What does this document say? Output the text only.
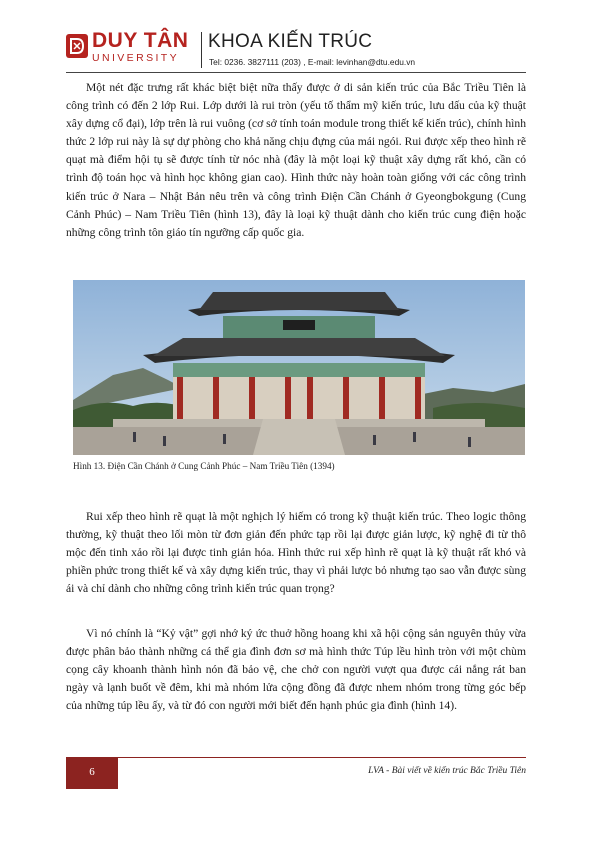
DUY TÂN
UNIVERSITY
KHOA KIẾN TRÚC
Tel: 0236. 3827111 (203) , E-mail: levinhan@dtu.edu.vn

Một nét đặc trưng rất khác biệt biệt nữa thấy được ở di sản kiến trúc của Bắc Triều Tiên là công trình có đến 2 lớp Rui. Lớp dưới là rui tròn (yếu tố thẩm mỹ kiến trúc, lưu dấu của kỹ thuật xây dựng cổ đại), lớp trên là rui vuông (cơ sở tính toán module trong thiết kế kiến trúc), chính hình thức 2 lớp rui này là sự dự phòng cho khả năng chịu đựng của mái ngói. Rui được xếp theo hình rẽ quạt mà điểm hội tụ sẽ được tính từ nóc nhà (đây là một loại kỹ thuật xây dựng rất khó, cần có trình độ toán học và hình học không gian cao). Hình thức này hoàn toàn giống với các công trình kiến trúc ở Nara – Nhật Bản nêu trên và công trình Điện Cần Chánh ở Gyeongbokgung (Cung Cảnh Phúc) – Nam Triều Tiên (hình 13), đây là loại kỹ thuật dành cho kiến trúc cung điện hoặc những công trình tôn giáo tín ngưỡng cấp quốc gia.

Hình 13. Điện Cần Chánh ở Cung Cảnh Phúc – Nam Triều Tiên (1394)

Rui xếp theo hình rẽ quạt là một nghịch lý hiếm có trong kỹ thuật kiến trúc. Theo logic thông thường, kỹ thuật theo lối mòn từ đơn giản đến phức tạp rồi lại được giản lược, kỹ nghệ đi từ thô mộc đến tinh xảo rồi lại được tinh giản hóa. Hình thức rui xếp hình rẽ quạt là kỹ thuật rất khó và phiền phức trong thiết kế và xây dựng kiến trúc, thay vì phải lược bỏ nhưng tạo sao vẫn được sùng ái và chỉ dành cho những công trình kiến trúc quan trọng?

Vì nó chính là “Kỷ vật” gợi nhớ ký ức thuở hồng hoang khi xã hội cộng sản nguyên thủy vừa được phân bảo thành những cá thể gia đình đơn sơ mà hình thức Túp lều hình tròn với một chùm cọng cây khoanh thành hình nón đã bảo vệ, che chở con người vượt qua được cái nắng rát ban ngày và lạnh buốt về đêm, khi mà nhóm lửa cộng đồng đã được nhem nhóm trong từng góc bếp của những túp lều ấy, và từ đó con người mới biết đến hạnh phúc gia đình (hình 14).

6	LVA - Bài viết về kiến trúc Bắc Triều Tiên
